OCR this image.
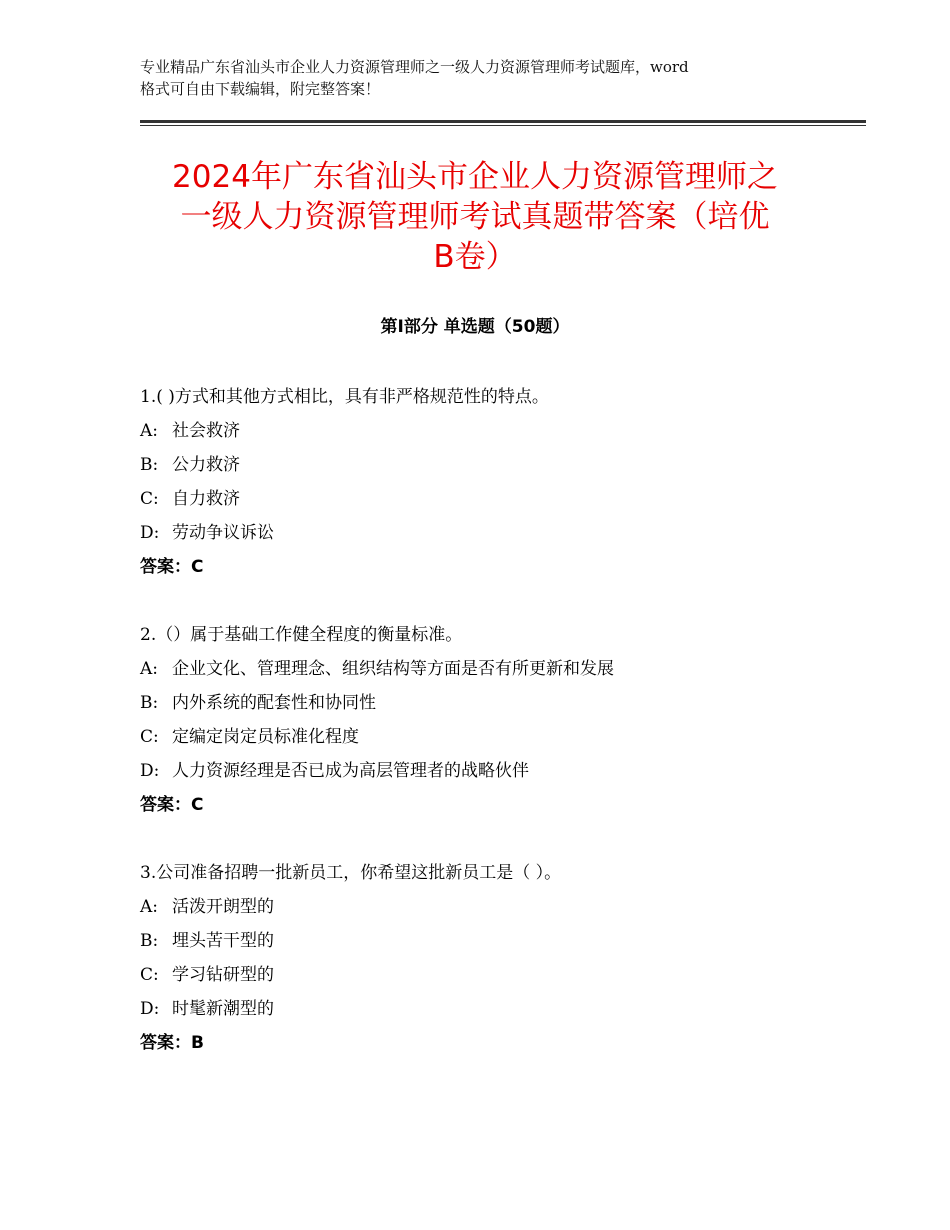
专业精品广东省汕头市企业人力资源管理师之一级人力资源管理师考试题库，word
格式可自由下载编辑，附完整答案！
2024年广东省汕头市企业人力资源管理师之
一级人力资源管理师考试真题带答案（培优
B卷）
第Ⅰ部分 单选题（50题）
1.( )方式和其他方式相比，具有非严格规范性的特点。
A: 社会救济
B: 公力救济
C: 自力救济
D: 劳动争议诉讼
答案：C
2.（）属于基础工作健全程度的衡量标准。
A: 企业文化、管理理念、组织结构等方面是否有所更新和发展
B: 内外系统的配套性和协同性
C: 定编定岗定员标准化程度
D: 人力资源经理是否已成为高层管理者的战略伙伴
答案：C
3.公司准备招聘一批新员工，你希望这批新员工是（ ）。
A: 活泼开朗型的
B: 埋头苦干型的
C: 学习钻研型的
D: 时髦新潮型的
答案：B
